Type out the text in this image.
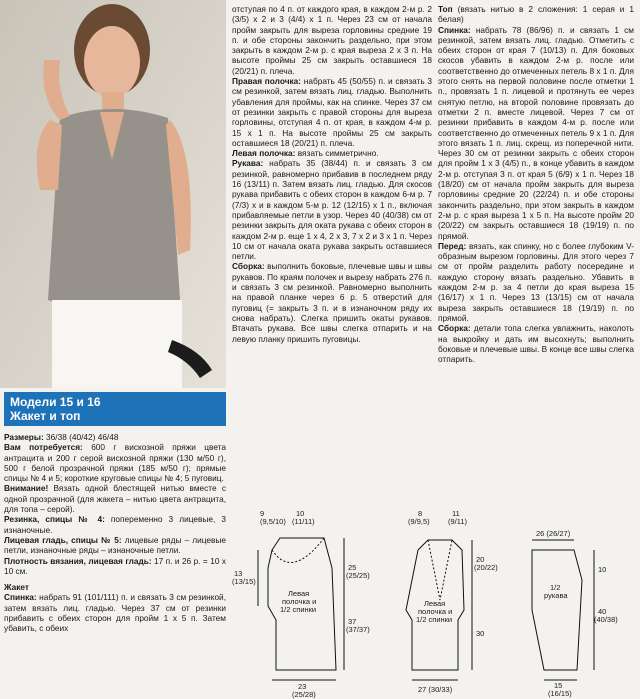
Модели 15 и 16
Жакет и топ

Размеры: 36/38 (40/42) 46/48

Вам потребуется: 600 г вискозной пряжи цвета антрацита и 200 г серой вискозной пряжи (130 м/50 г), 500 г белой прозрачной пряжи (185 м/50 г); прямые спицы № 4 и 5; короткие круговые спицы № 4; 5 пуговиц.

Внимание! Вязать одной блестящей нитью вместе с одной прозрачной (для жакета – нитью цвета антрацита, для топа – серой).

Резинка, спицы № 4: попеременно 3 лицевые, 3 изнаночные.

Лицевая гладь, спицы № 5: лицевые ряды – лицевые петли, изнаночные ряды – изнаночные петли.

Плотность вязания, лицевая гладь: 17 п. и 26 р. = 10 х 10 см.

Жакет

Спинка: набрать 91 (101/111) п. и связать 3 см резинкой, затем вязать лиц. гладью. Через 37 см от резинки прибавить с обеих сторон для пройм 1 х 5 п. Затем убавить, с обеих

отступая по 4 п. от каждого края, в каждом 2-м р. 2 (3/5) х 2 и 3 (4/4) х 1 п. Через 23 см от начала пройм закрыть для выреза горловины средние 19 п. и обе стороны закончить раздельно, при этом закрыть в каждом 2-м р. с края выреза 2 х 3 п. На высоте проймы 25 см закрыть оставшиеся 18 (20/21) п. плеча.

Правая полочка: набрать 45 (50/55) п. и связать 3 см резинкой, затем вязать лиц. гладью. Выполнить убавления для проймы, как на спинке. Через 37 см от резинки закрыть с правой стороны для выреза горловины, отступая 4 п. от края, в каждом 4-м р. 15 х 1 п. На высоте проймы 25 см закрыть оставшиеся 18 (20/21) п. плеча.

Левая полочка: вязать симметрично.

Рукава: набрать 35 (38/44) п. и связать 3 см резинкой, равномерно прибавив в последнем ряду 16 (13/11) п. Затем вязать лиц. гладью. Для скосов рукава прибавить с обеих сторон в каждом 6-м р. 7 (7/3) х и в каждом 5-м р. 12 (12/15) х 1 п., включая прибавляемые петли в узор. Через 40 (40/38) см от резинки закрыть для оката рукава с обеих сторон в каждом 2-м р. еще 1 х 4, 2 х 3, 7 х 2 и 3 х 1 п. Через 10 см от начала оката рукава закрыть оставшиеся петли.

Сборка: выполнить боковые, плечевые швы и швы рукавов. По краям полочек и вырезу набрать 276 п. и связать 3 см резинкой. Равномерно выполнить на правой планке через 6 р. 5 отверстий для пуговиц (= закрыть 3 п. и в изнаночном ряду их снова набрать). Слегка пришить окаты рукавов. Втачать рукава. Все швы слегка отпарить и на левую планку пришить пуговицы.

Топ (вязать нитью в 2 сложения: 1 серая и 1 белая)

Спинка: набрать 78 (86/96) п. и связать 1 см резинкой, затем вязать лиц. гладью. Отметить с обеих сторон от края 7 (10/13) п. Для боковых скосов убавить в каждом 2-м р. после или соответственно до отмеченных петель 8 х 1 п. Для этого снять на первой половине после отметки 1 п., провязать 1 п. лицевой и протянуть ее через снятую петлю, на второй половине провязать до отметки 2 п. вместе лицевой. Через 7 см от резинки прибавить в каждом 4-м р. после или соответственно до отмеченных петель 9 х 1 п. Для этого вязать 1 п. лиц. скрещ. из поперечной нити. Через 30 см от резинки закрыть с обеих сторон для пройм 1 х 3 (4/5) п., в конце убавить в каждом 2-м р. отступая 3 п. от края 5 (6/9) х 1 п. Через 18 (18/20) см от начала пройм закрыть для выреза горловины средние 20 (22/24) п. и обе стороны закончить раздельно, при этом закрыть в каждом 2-м р. с края выреза 1 х 5 п. На высоте пройм 20 (20/22) см закрыть оставшиеся 18 (19/19) п. по прямой.

Перед: вязать, как спинку, но с более глубоким V-образным вырезом горловины. Для этого через 7 см от пройм разделить работу посередине и каждую сторону вязать раздельно. Убавить в каждом 2-м р. за 4 петли до края выреза 15 (16/17) х 1 п. Через 13 (13/15) см от начала выреза закрыть оставшиеся 18 (19/19) п. по прямой.

Сборка: детали топа слегка увлажнить, наколоть на выкройку и дать им высохнуть; выполнить боковые и плечевые швы. В конце все швы слегка отпарить.

9
(9,5/10)
10
(11/11)
13
(13/15)
25
(25/25)
37
(37/37)
Левая
полочка и
1/2 спинки
23
(25/28)
8
(9/9,5)
11
(9/11)
20
(20/22)
30
Левая
полочка и
1/2 спинки
27 (30/33)
26 (26/27)
1/2
рукава
10
40
(40/38)
15
(16/15)
